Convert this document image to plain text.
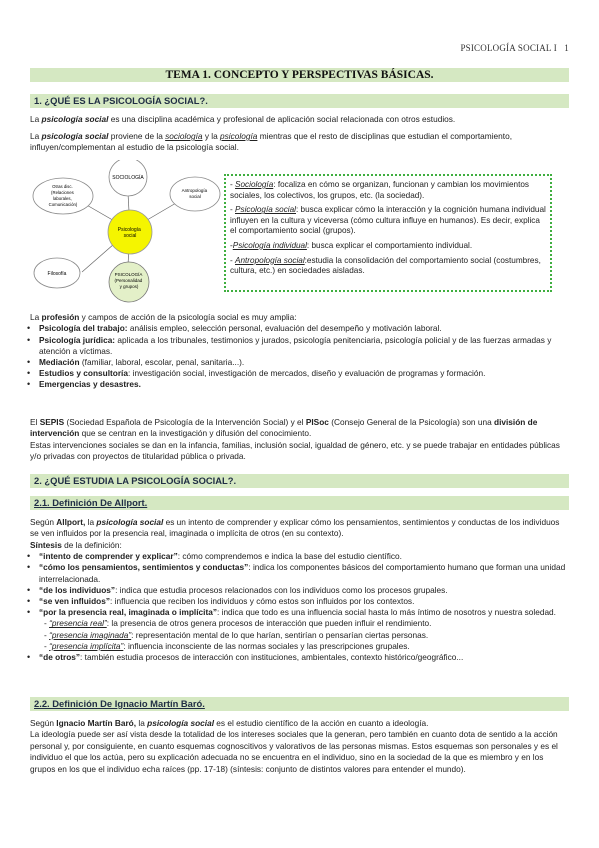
PSICOLOGÍA SOCIAL I 1
TEMA 1. CONCEPTO Y PERSPECTIVAS BÁSICAS.
1. ¿QUÉ ES LA PSICOLOGÍA SOCIAL?.
La psicología social es una disciplina académica y profesional de aplicación social relacionada con otros estudios.
La psicología social proviene de la sociología y la psicología mientras que el resto de disciplinas que estudian el comportamiento, influyen/complementan al estudio de la psicología social.
SOCIOLOGÍA
Otras disc. (Relaciones laborales, Comunicación)
Antropología social
Psicología social
Filosofía	PSICOLOGÍA (Personalidad y grupos)
- Sociología: focaliza en cómo se organizan, funcionan y cambian los movimientos sociales, los colectivos, los grupos, etc. (la sociedad).
- Psicología social: busca explicar cómo la interacción y la cognición humana individual influyen en la cultura y viceversa (cómo cultura influye en humanos). Es decir, explica el comportamiento social (grupos).
-Psicología individual: busca explicar el comportamiento individual.
- Antropología social:estudia la consolidación del comportamiento social (costumbres, cultura, etc.) en sociedades aisladas.
La profesión y campos de acción de la psicología social es muy amplia:
• Psicología del trabajo: análisis empleo, selección personal, evaluación del desempeño y motivación laboral.
• Psicología jurídica: aplicada a los tribunales, testimonios y jurados, psicología penitenciaria, psicología policial y de las fuerzas armadas y atención a víctimas.
• Mediación (familiar, laboral, escolar, penal, sanitaria...).
• Estudios y consultoría: investigación social, investigación de mercados, diseño y evaluación de programas y formación.
• Emergencias y desastres.
El SEPIS (Sociedad Española de Psicología de la Intervención Social) y el PISoc (Consejo General de la Psicología) son una división de intervención que se centran en la investigación y difusión del conocimiento.
Estas intervenciones sociales se dan en la infancia, familias, inclusión social, igualdad de género, etc. y se puede trabajar en entidades públicas y/o privadas con proyectos de titularidad pública o privada.
2. ¿QUÉ ESTUDIA LA PSICOLOGÍA SOCIAL?.
2.1. Definición De Allport.
Según Allport, la psicología social es un intento de comprender y explicar cómo los pensamientos, sentimientos y conductas de los individuos se ven influidos por la presencia real, imaginada o implícita de otros (en su contexto).
Síntesis de la definición:
• “intento de comprender y explicar”: cómo comprendemos e indica la base del estudio científico.
• “cómo los pensamientos, sentimientos y conductas”: indica los componentes básicos del comportamiento humano que forman una unidad interrelacionada.
• “de los individuos”: indica que estudia procesos relacionados con los individuos como los procesos grupales.
• “se ven influidos”: influencia que reciben los individuos y cómo estos son influidos por los contextos.
• “por la presencia real, imaginada o implícita”: indica que todo es una influencia social hasta lo más íntimo de nosotros y nuestra soledad.
- “presencia real”: la presencia de otros genera procesos de interacción que pueden influir el rendimiento.
- “presencia imaginada”: representación mental de lo que harían, sentirían o pensarían ciertas personas.
- “presencia implícita”: influencia inconsciente de las normas sociales y las prescripciones grupales.
• “de otros”: también estudia procesos de interacción con instituciones, ambientales, contexto histórico/geográfico...
2.2. Definición De Ignacio Martín Baró.
Según Ignacio Martín Baró, la psicología social es el estudio científico de la acción en cuanto a ideología.
La ideología puede ser así vista desde la totalidad de los intereses sociales que la generan, pero también en cuanto dota de sentido a la acción personal y, por consiguiente, en cuanto esquemas cognoscitivos y valorativos de las personas mismas. Estos esquemas son personales y es el individuo el que los actúa, pero su explicación adecuada no se encuentra en el individuo, sino en la sociedad de la que es miembro y en los grupos en los que el individuo echa raíces (pp. 17-18) (síntesis: conjunto de distintos valores para entender el mundo).
